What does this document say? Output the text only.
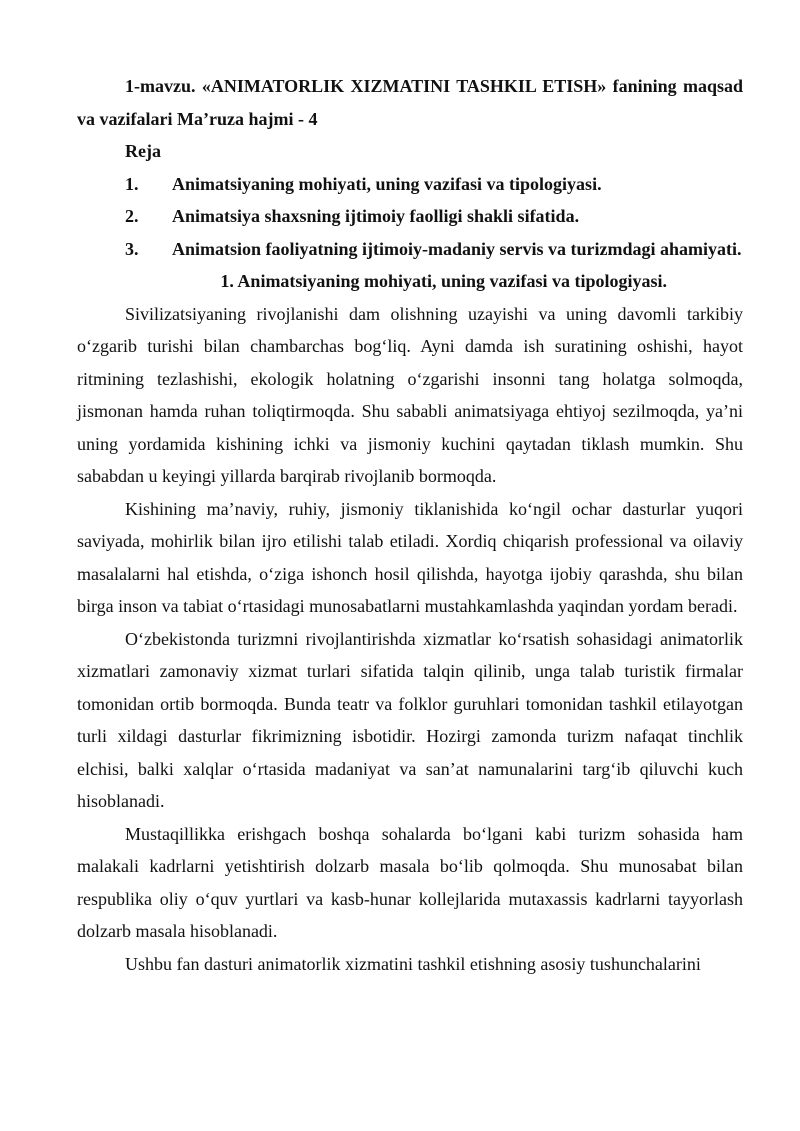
1-mavzu. «ANIMATORLIK XIZMATINI TASHKIL ETISH» fanining maqsad va vazifalari Ma’ruza hajmi - 4

Reja

1. Animatsiyaning mohiyati, uning vazifasi va tipologiyasi.

2. Animatsiya shaxsning ijtimoiy faolligi shakli sifatida.

3. Animatsion faoliyatning ijtimoiy-madaniy servis va turizmdagi ahamiyati.

1. Animatsiyaning mohiyati, uning vazifasi va tipologiyasi.

Sivilizatsiyaning rivojlanishi dam olishning uzayishi va uning davomli tarkibiy o‘zgarib turishi bilan chambarchas bog‘liq. Ayni damda ish suratining oshishi, hayot ritmining tezlashishi, ekologik holatning o‘zgarishi insonni tang holatga solmoqda, jismonan hamda ruhan toliqtirmoqda. Shu sababli animatsiyaga ehtiyoj sezilmoqda, ya’ni uning yordamida kishining ichki va jismoniy kuchini qaytadan tiklash mumkin. Shu sababdan u keyingi yillarda barqirab rivojlanib bormoqda.

Kishining ma’naviy, ruhiy, jismoniy tiklanishida ko‘ngil ochar dasturlar yuqori saviyada, mohirlik bilan ijro etilishi talab etiladi. Xordiq chiqarish professional va oilaviy masalalarni hal etishda, o‘ziga ishonch hosil qilishda, hayotga ijobiy qarashda, shu bilan birga inson va tabiat o‘rtasidagi munosabatlarni mustahkamlashda yaqindan yordam beradi.

O‘zbekistonda turizmni rivojlantirishda xizmatlar ko‘rsatish sohasidagi animatorlik xizmatlari zamonaviy xizmat turlari sifatida talqin qilinib, unga talab turistik firmalar tomonidan ortib bormoqda. Bunda teatr va folklor guruhlari tomonidan tashkil etilayotgan turli xildagi dasturlar fikrimizning isbotidir. Hozirgi zamonda turizm nafaqat tinchlik elchisi, balki xalqlar o‘rtasida madaniyat va san’at namunalarini targ‘ib qiluvchi kuch hisoblanadi.

Mustaqillikka erishgach boshqa sohalarda bo‘lgani kabi turizm sohasida ham malakali kadrlarni yetishtirish dolzarb masala bo‘lib qolmoqda. Shu munosabat bilan respublika oliy o‘quv yurtlari va kasb-hunar kollejlarida mutaxassis kadrlarni tayyorlash dolzarb masala hisoblanadi.

Ushbu fan dasturi animatorlik xizmatini tashkil etishning asosiy tushunchalarini
